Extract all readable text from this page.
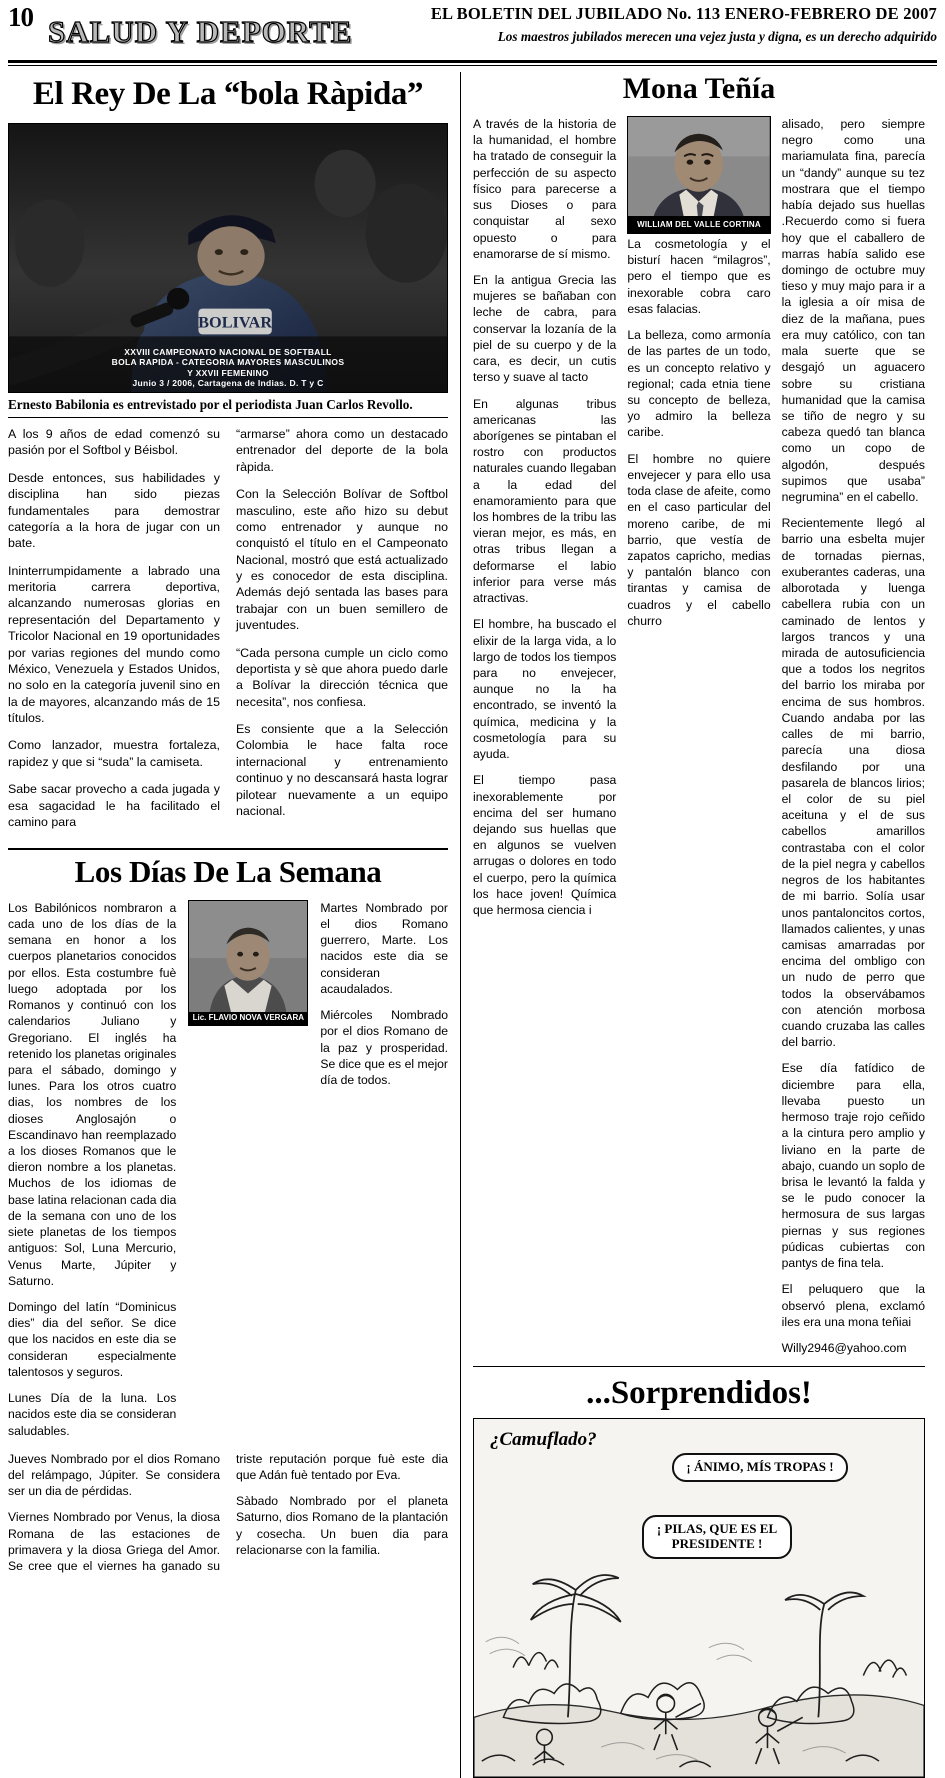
10 SALUD Y DEPORTE
EL BOLETIN DEL JUBILADO No. 113 ENERO-FEBRERO DE 2007
Los maestros jubilados merecen una vejez justa y digna, es un derecho adquirido
El Rey De La “bola Ràpida”
BOLIVAR
XXVIII CAMPEONATO NACIONAL DE SOFTBALL
BOLA RAPIDA - CATEGORIA MAYORES MASCULINOS
Y XXVII FEMENINO
Junio 3 / 2006, Cartagena de Indias. D. T y C
Ernesto Babilonia es entrevistado por el periodista Juan Carlos Revollo.

A los 9 años de edad comenzó su pasión por el Softbol y Béisbol.

Desde entonces, sus habilidades y disciplina han sido piezas fundamentales para demostrar categoría a la hora de jugar con un bate.

Ininterrumpidamente a labrado una meritoria carrera deportiva, alcanzando numerosas glorias en representación del Departamento y Tricolor Nacional en 19 oportunidades por varias regiones del mundo como México, Venezuela y Estados Unidos, no solo en la categoría juvenil sino en la de mayores, alcanzando más de 15 títulos.

Como lanzador, muestra fortaleza, rapidez y que si “suda” la camiseta.

Sabe sacar provecho a cada jugada y esa sagacidad le ha facilitado el camino para

“armarse” ahora como un destacado entrenador del deporte de la bola ràpida.

Con la Selección Bolívar de Softbol masculino, este año hizo su debut como entrenador y aunque no conquistó el título en el Campeonato Nacional, mostró que está actualizado y es conocedor de esta disciplina. Además dejó sentada las bases para trabajar con un buen semillero de juventudes.

“Cada persona cumple un ciclo como deportista y sè que ahora puedo darle a Bolívar la dirección técnica que necesita”, nos confiesa.

Es consiente que a la Selección Colombia le hace falta roce internacional y entrenamiento continuo y no descansará hasta lograr pilotear nuevamente a un equipo nacional.

Los Días De La Semana

Los Babilónicos nombraron a cada uno de los días de la semana en honor a los cuerpos planetarios conocidos por ellos. Esta costumbre fuè luego adoptada por los Romanos y continuó con los calendarios Juliano y Gregoriano. El inglés ha retenido los planetas originales para el sábado, domingo y lunes. Para los otros cuatro dias, los nombres de los dioses Anglosajón o Escandinavo han reemplazado a los dioses Romanos que le dieron nombre a los planetas. Muchos de los idiomas de base latina relacionan cada dia de la semana con uno de los siete planetas de los tiempos antiguos: Sol, Luna Mercurio, Venus Marte, Júpiter y Saturno.

Domingo del latín “Dominicus dies” dia del señor. Se dice que los nacidos en este dia se consideran especialmente talentosos y seguros.

Lunes Día de la luna. Los nacidos este dia se consideran saludables.

Lic. FLAVIO NOVA VERGARA

Martes Nombrado por el dios Romano guerrero, Marte. Los nacidos este dia se consideran acaudalados.

Miércoles Nombrado por el dios Romano de la paz y prosperidad. Se dice que es el mejor día de todos.

Jueves Nombrado por el dios Romano del relámpago, Júpiter. Se considera ser un dia de pérdidas.

Viernes Nombrado por Venus, la diosa Romana de las estaciones de primavera y la diosa Griega del Amor. Se cree que el viernes ha ganado su triste reputación porque fuè este dia que Adán fuè tentado por Eva.

Sàbado Nombrado por el planeta Saturno, dios Romano de la plantación y cosecha. Un buen dia para relacionarse con la familia.

Mona Teñía

A través de la historia de la humanidad, el hombre ha tratado de conseguir la perfección de su aspecto físico para parecerse a sus Dioses o para conquistar al sexo opuesto o para enamorarse de sí mismo.

En la antigua Grecia las mujeres se bañaban con leche de cabra, para conservar la lozanía de la piel de su cuerpo y de la cara, es decir, un cutis terso y suave al tacto

En algunas tribus americanas las aborígenes se pintaban el rostro con productos naturales cuando llegaban a la edad del enamoramiento para que los hombres de la tribu las vieran mejor, es más, en otras tribus llegan a deformarse el labio inferior para verse más atractivas.

El hombre, ha buscado el elixir de la larga vida, a lo largo de todos los tiempos para no envejecer, aunque no la ha encontrado, se inventó la química, medicina y la cosmetología para su ayuda.

El tiempo pasa inexorablemente por encima del ser humano dejando sus huellas que en algunos se vuelven arrugas o dolores en todo el cuerpo, pero la química los hace joven! Química que hermosa ciencia i

WILLIAM DEL VALLE CORTINA

La cosmetología y el bisturí hacen “milagros”, pero el tiempo que es inexorable cobra caro esas falacias.

La belleza, como armonía de las partes de un todo, es un concepto relativo y regional; cada etnia tiene su concepto de belleza, yo admiro la belleza caribe.

El hombre no quiere envejecer y para ello usa toda clase de afeite, como en el caso particular del moreno caribe, de mi barrio, que vestía de zapatos capricho, medias y pantalón blanco con tirantas y camisa de cuadros y el cabello churro

alisado, pero siempre negro como una mariamulata fina, parecía un “dandy” aunque su tez mostrara que el tiempo había dejado sus huellas .Recuerdo como si fuera hoy que el caballero de marras había salido ese domingo de octubre muy tieso y muy majo para ir a la iglesia a oír misa de diez de la mañana, pues era muy católico, con tan mala suerte que se desgajó un aguacero sobre su cristiana humanidad que la camisa se tiño de negro y su cabeza quedó tan blanca como un copo de algodón, después supimos que usaba” negrumina” en el cabello.

Recientemente llegó al barrio una esbelta mujer de tornadas piernas, exuberantes caderas, una alborotada y luenga cabellera rubia con un caminado de lentos y largos trancos y una mirada de autosuficiencia que a todos los negritos del barrio los miraba por encima de sus hombros. Cuando andaba por las calles de mi barrio, parecía una diosa desfilando por una pasarela de blancos lirios; el color de su piel aceituna y el de sus cabellos amarillos contrastaba con el color de la piel negra y cabellos negros de los habitantes de mi barrio. Solía usar unos pantaloncitos cortos, llamados calientes, y unas camisas amarradas por encima del ombligo con un nudo de perro que todos la observábamos con atención morbosa cuando cruzaba las calles del barrio.

Ese día fatídico de diciembre para ella, llevaba puesto un hermoso traje rojo ceñido a la cintura pero amplio y liviano en la parte de abajo, cuando un soplo de brisa le levantó la falda y se le pudo conocer la hermosura de sus largas piernas y sus regiones púdicas cubiertas con pantys de fina tela.

El peluquero que la observó plena, exclamó iles era una mona teñiai

Willy2946@yahoo.com
...Sorprendidos!
¿Camuflado?
¡ ÁNIMO, MÍS TROPAS !
¡ PILAS, QUE ES EL PRESIDENTE !
